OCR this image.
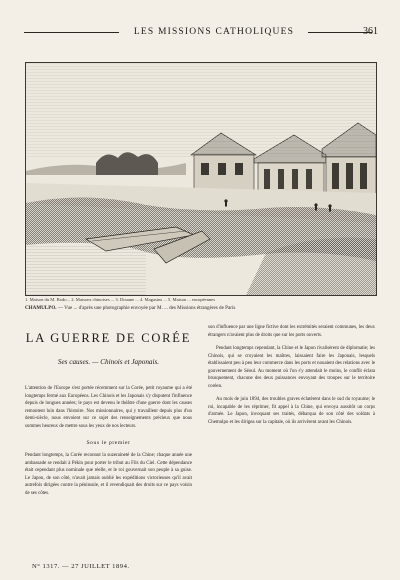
LES MISSIONS CATHOLIQUES	361
1. Maison du M. Bodo... 2. Maisons chinoises ... 3. Douane ... 4. Magasins ... 5. Maison ... européennes
CHAMULPO. — Vue ... d'après une photographie envoyée par M. ... des Missions étrangères de Paris
LA GUERRE DE CORÉE

Ses causes. — Chinois et Japonais.

L'attention de l'Europe s'est portée récemment sur la Corée, petit royaume qui a été longtemps fermé aux Européens. Les Chinois et les Japonais s'y disputent l'influence depuis de longues années; le pays est devenu le théâtre d'une guerre dont les causes remontent loin dans l'histoire. Nos missionnaires, qui y travaillent depuis plus d'un demi-siècle, nous envoient sur ce sujet des renseignements précieux que nous sommes heureux de mettre sous les yeux de nos lecteurs.

Sous le premier

Pendant longtemps, la Corée reconnut la suzeraineté de la Chine; chaque année une ambassade se rendait à Pékin pour porter le tribut au Fils du Ciel. Cette dépendance était cependant plus nominale que réelle, et le roi gouvernait son peuple à sa guise. Le Japon, de son côté, n'avait jamais oublié les expéditions victorieuses qu'il avait autrefois dirigées contre la péninsule, et il revendiquait des droits sur ce pays voisin de ses côtes.

N° 1317. — 27 JUILLET 1894.

son d'influence par une ligne fictive dont les extrémités seraient communes, les deux étrangers n'avaient plus de droits que sur les ports ouverts.

Pendant longtemps cependant, la Chine et le Japon rivalisèrent de diplomatie; les Chinois, qui se croyaient les maîtres, laissaient faire les Japonais, lesquels établissaient peu à peu leur commerce dans les ports et nouaient des relations avec le gouvernement de Séoul. Au moment où l'on s'y attendait le moins, le conflit éclata brusquement, chacune des deux puissances envoyant des troupes sur le territoire coréen.

Au mois de juin 1894, des troubles graves éclatèrent dans le sud du royaume; le roi, incapable de les réprimer, fit appel à la Chine, qui envoya aussitôt un corps d'armée. Le Japon, invoquant ses traités, débarqua de son côté des soldats à Chemulpo et les dirigea sur la capitale, où ils arrivèrent avant les Chinois.
